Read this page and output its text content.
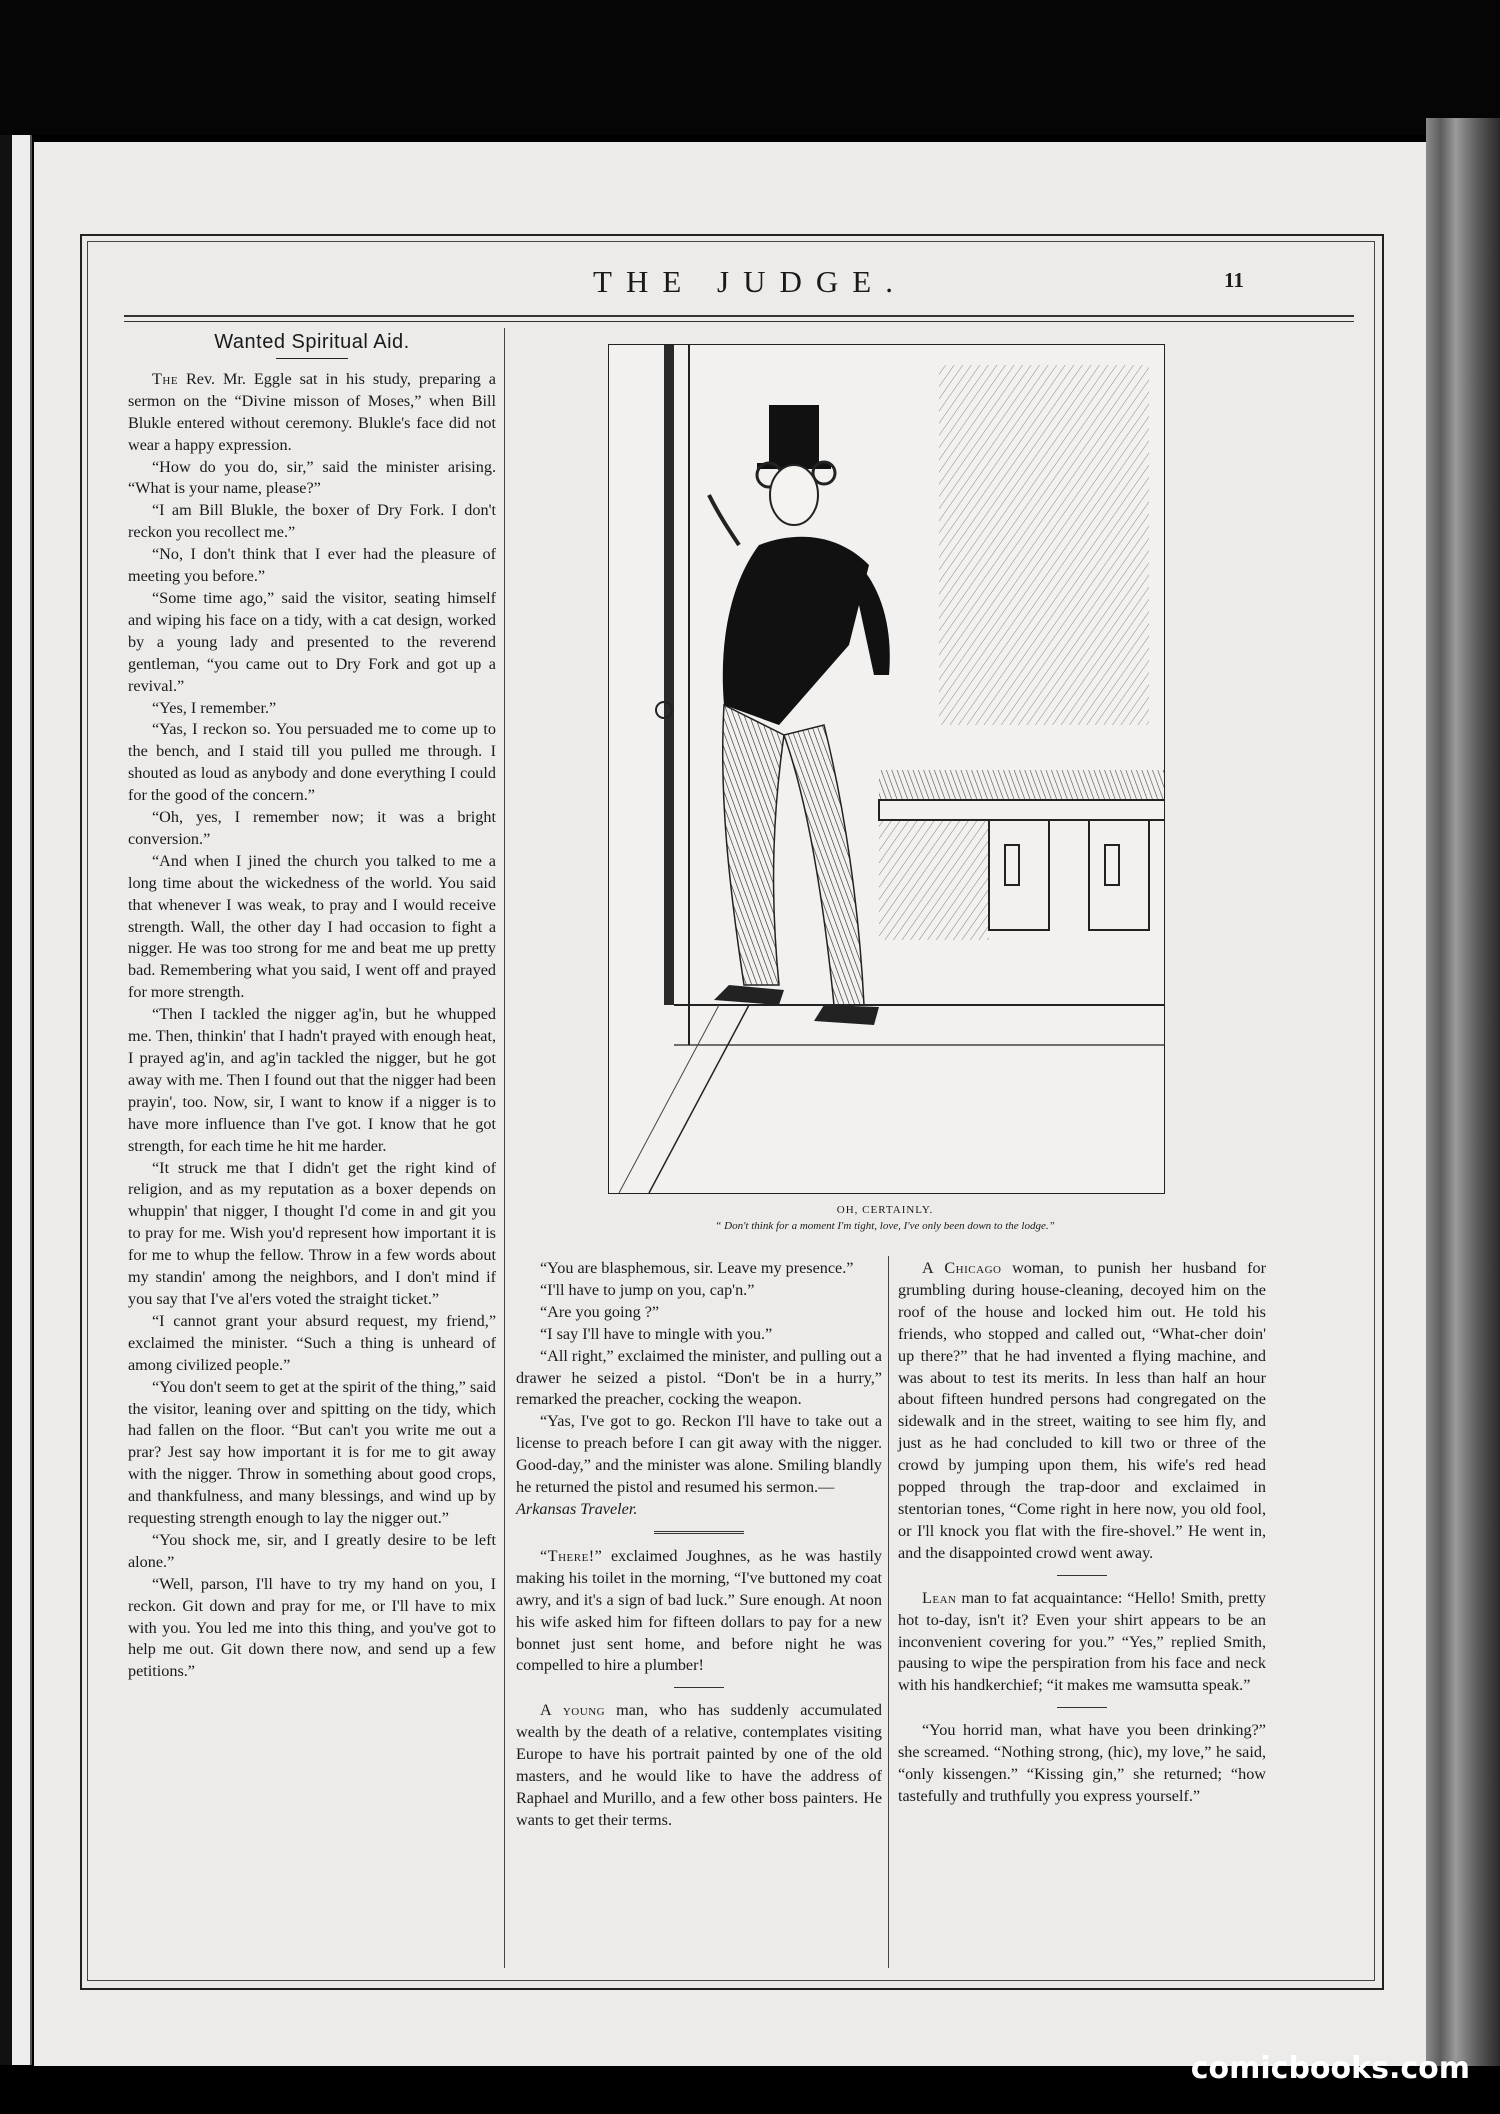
THE JUDGE.	11
Wanted Spiritual Aid.

The Rev. Mr. Eggle sat in his study, preparing a sermon on the “Divine misson of Moses,” when Bill Blukle entered without ceremony. Blukle's face did not wear a happy expression.

“How do you do, sir,” said the minister arising. “What is your name, please?”

“I am Bill Blukle, the boxer of Dry Fork. I don't reckon you recollect me.”

“No, I don't think that I ever had the pleasure of meeting you before.”

“Some time ago,” said the visitor, seating himself and wiping his face on a tidy, with a cat design, worked by a young lady and presented to the reverend gentleman, “you came out to Dry Fork and got up a revival.”

“Yes, I remember.”

“Yas, I reckon so. You persuaded me to come up to the bench, and I staid till you pulled me through. I shouted as loud as anybody and done everything I could for the good of the concern.”

“Oh, yes, I remember now; it was a bright conversion.”

“And when I jined the church you talked to me a long time about the wickedness of the world. You said that whenever I was weak, to pray and I would receive strength. Wall, the other day I had occasion to fight a nigger. He was too strong for me and beat me up pretty bad. Remembering what you said, I went off and prayed for more strength.

“Then I tackled the nigger ag'in, but he whupped me. Then, thinkin' that I hadn't prayed with enough heat, I prayed ag'in, and ag'in tackled the nigger, but he got away with me. Then I found out that the nigger had been prayin', too. Now, sir, I want to know if a nigger is to have more influence than I've got. I know that he got strength, for each time he hit me harder.

“It struck me that I didn't get the right kind of religion, and as my reputation as a boxer depends on whuppin' that nigger, I thought I'd come in and git you to pray for me. Wish you'd represent how important it is for me to whup the fellow. Throw in a few words about my standin' among the neighbors, and I don't mind if you say that I've al'ers voted the straight ticket.”

“I cannot grant your absurd request, my friend,” exclaimed the minister. “Such a thing is unheard of among civilized people.”

“You don't seem to get at the spirit of the thing,” said the visitor, leaning over and spitting on the tidy, which had fallen on the floor. “But can't you write me out a prar? Jest say how important it is for me to git away with the nigger. Throw in something about good crops, and thankfulness, and many blessings, and wind up by requesting strength enough to lay the nigger out.”

“You shock me, sir, and I greatly desire to be left alone.”

“Well, parson, I'll have to try my hand on you, I reckon. Git down and pray for me, or I'll have to mix with you. You led me into this thing, and you've got to help me out. Git down there now, and send up a few petitions.”

OH, CERTAINLY.
“ Don't think for a moment I'm tight, love, I've only been down to the lodge.”

“You are blasphemous, sir. Leave my presence.”

“I'll have to jump on you, cap'n.”

“Are you going ?”

“I say I'll have to mingle with you.”

“All right,” exclaimed the minister, and pulling out a drawer he seized a pistol. “Don't be in a hurry,” remarked the preacher, cocking the weapon.

“Yas, I've got to go. Reckon I'll have to take out a license to preach before I can git away with the nigger. Good-day,” and the minister was alone. Smiling blandly he returned the pistol and resumed his sermon.—

Arkansas Traveler.

“There!” exclaimed Joughnes, as he was hastily making his toilet in the morning, “I've buttoned my coat awry, and it's a sign of bad luck.” Sure enough. At noon his wife asked him for fifteen dollars to pay for a new bonnet just sent home, and before night he was compelled to hire a plumber!

A young man, who has suddenly accumulated wealth by the death of a relative, contemplates visiting Europe to have his portrait painted by one of the old masters, and he would like to have the address of Raphael and Murillo, and a few other boss painters. He wants to get their terms.

A Chicago woman, to punish her husband for grumbling during house-cleaning, decoyed him on the roof of the house and locked him out. He told his friends, who stopped and called out, “What-cher doin' up there?” that he had invented a flying machine, and was about to test its merits. In less than half an hour about fifteen hundred persons had congregated on the sidewalk and in the street, waiting to see him fly, and just as he had concluded to kill two or three of the crowd by jumping upon them, his wife's red head popped through the trap-door and exclaimed in stentorian tones, “Come right in here now, you old fool, or I'll knock you flat with the fire-shovel.” He went in, and the disappointed crowd went away.

Lean man to fat acquaintance: “Hello! Smith, pretty hot to-day, isn't it? Even your shirt appears to be an inconvenient covering for you.” “Yes,” replied Smith, pausing to wipe the perspiration from his face and neck with his handkerchief; “it makes me wamsutta speak.”

“You horrid man, what have you been drinking?” she screamed. “Nothing strong, (hic), my love,” he said, “only kissengen.” “Kissing gin,” she returned; “how tastefully and truthfully you express yourself.”

comicbooks.com
